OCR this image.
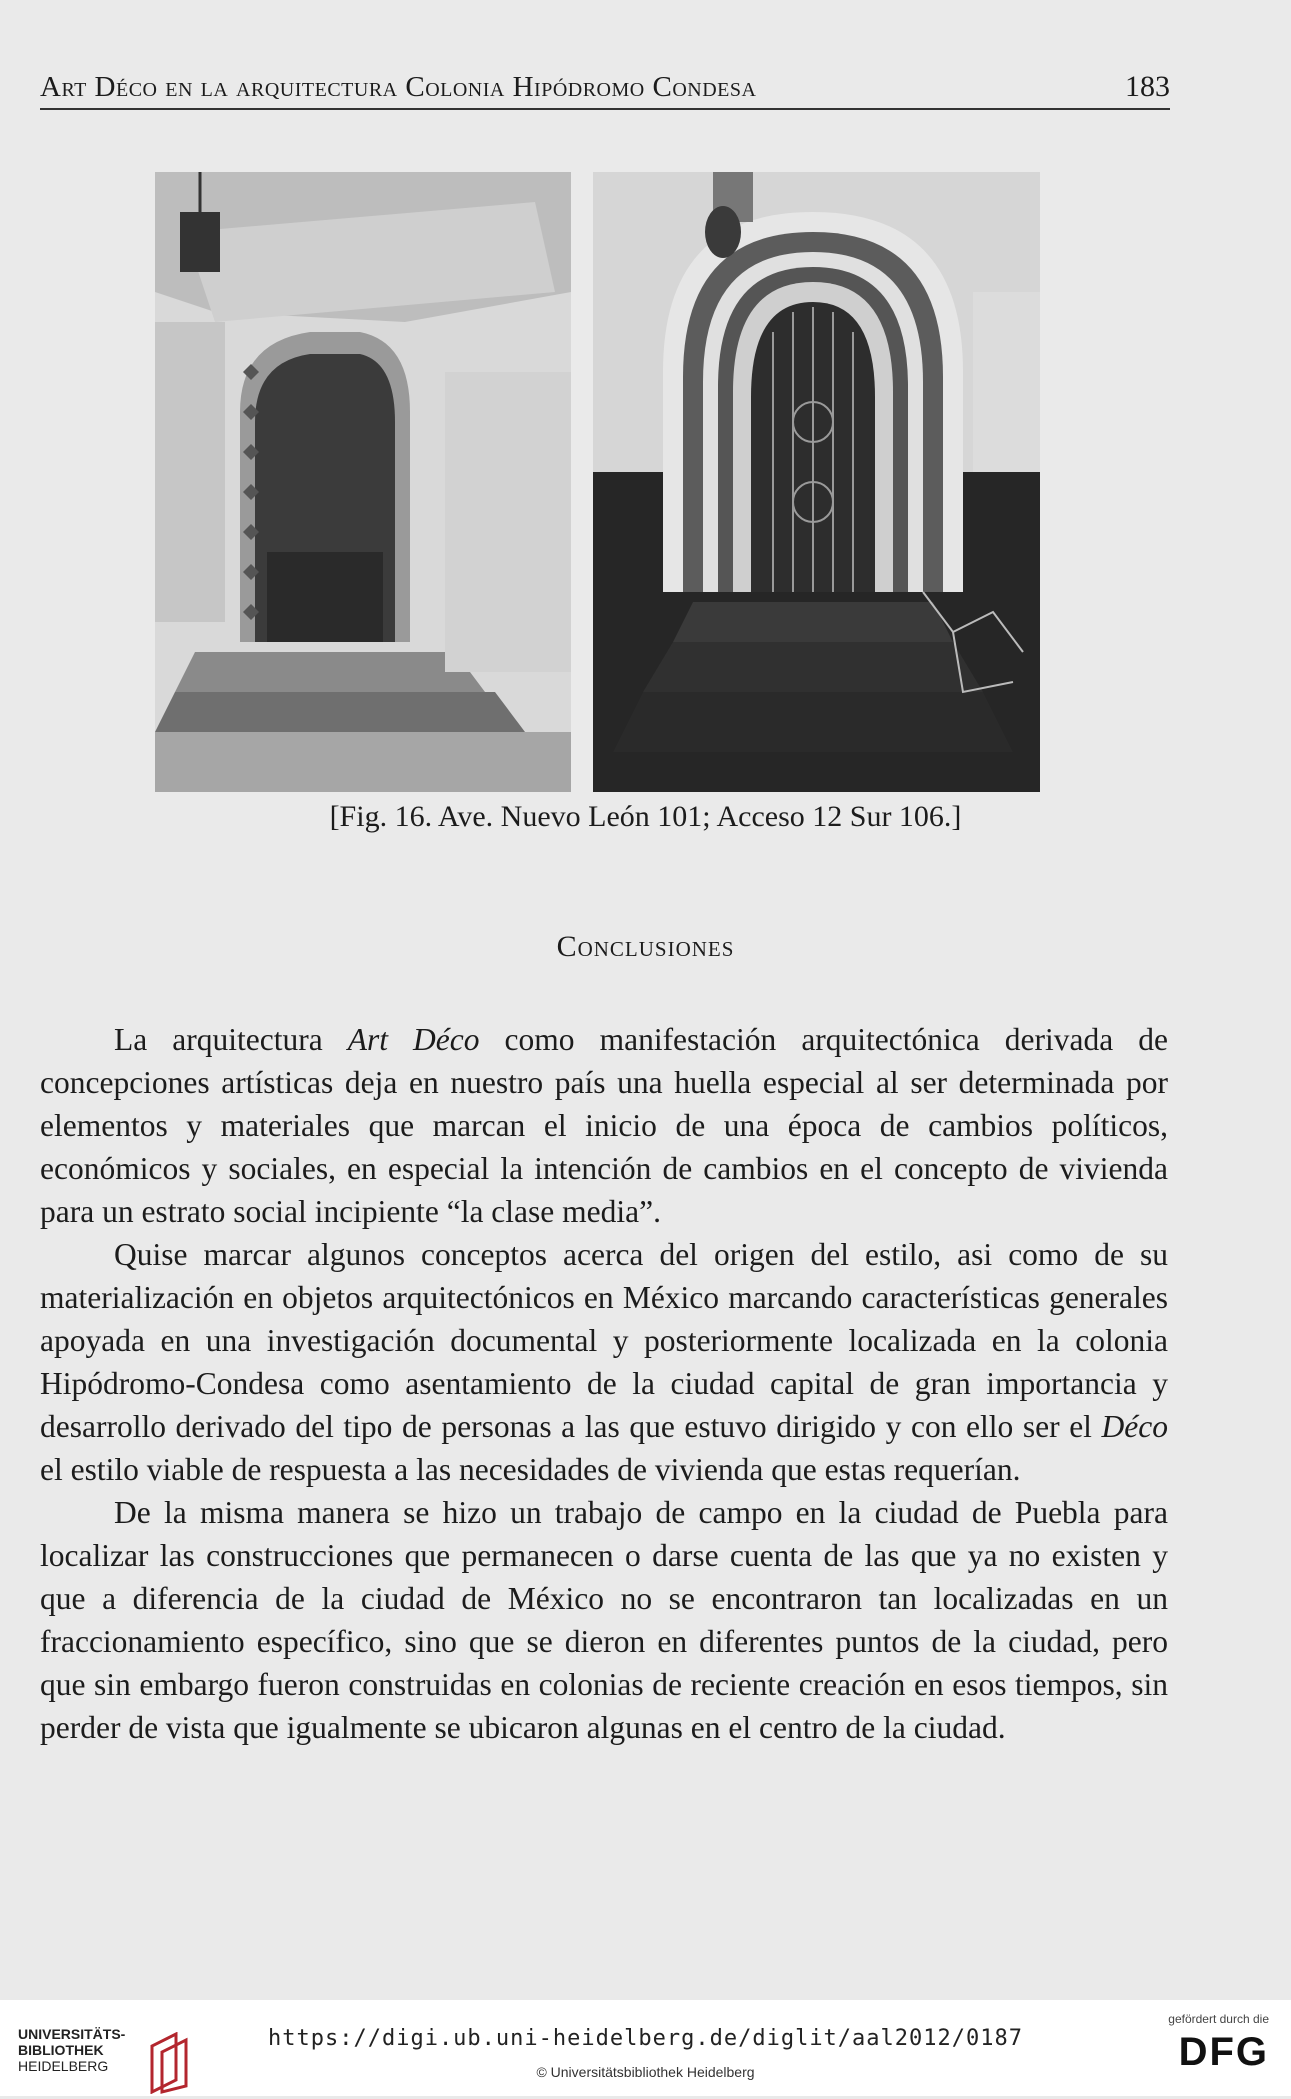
Art Déco en la arquitectura Colonia Hipódromo Condesa	183
[Fig. 16. Ave. Nuevo León 101; Acceso 12 Sur 106.]
Conclusiones

La arquitectura Art Déco como manifestación arquitectónica derivada de concepciones artísticas deja en nuestro país una huella especial al ser determinada por elementos y materiales que marcan el inicio de una época de cambios políticos, económicos y sociales, en especial la intención de cambios en el concepto de vivienda para un estrato social incipiente “la clase media”.

Quise marcar algunos conceptos acerca del origen del estilo, asi como de su materialización en objetos arquitectónicos en México marcando características generales apoyada en una investigación documental y posteriormente localizada en la colonia Hipódromo-Condesa como asentamiento de la ciudad capital de gran importancia y desarrollo derivado del tipo de personas a las que estuvo dirigido y con ello ser el Déco el estilo viable de respuesta a las necesidades de vivienda que estas requerían.

De la misma manera se hizo un trabajo de campo en la ciudad de Puebla para localizar las construcciones que permanecen o darse cuenta de las que ya no existen y que a diferencia de la ciudad de México no se encontraron tan localizadas en un fraccionamiento específico, sino que se dieron en diferentes puntos de la ciudad, pero que sin embargo fueron construidas en colonias de reciente creación en esos tiempos, sin perder de vista que igualmente se ubicaron algunas en el centro de la ciudad.

UNIVERSITÄTS-
BIBLIOTHEK
HEIDELBERG
https://digi.ub.uni-heidelberg.de/diglit/aal2012/0187
© Universitätsbibliothek Heidelberg
gefördert durch die
DFG
